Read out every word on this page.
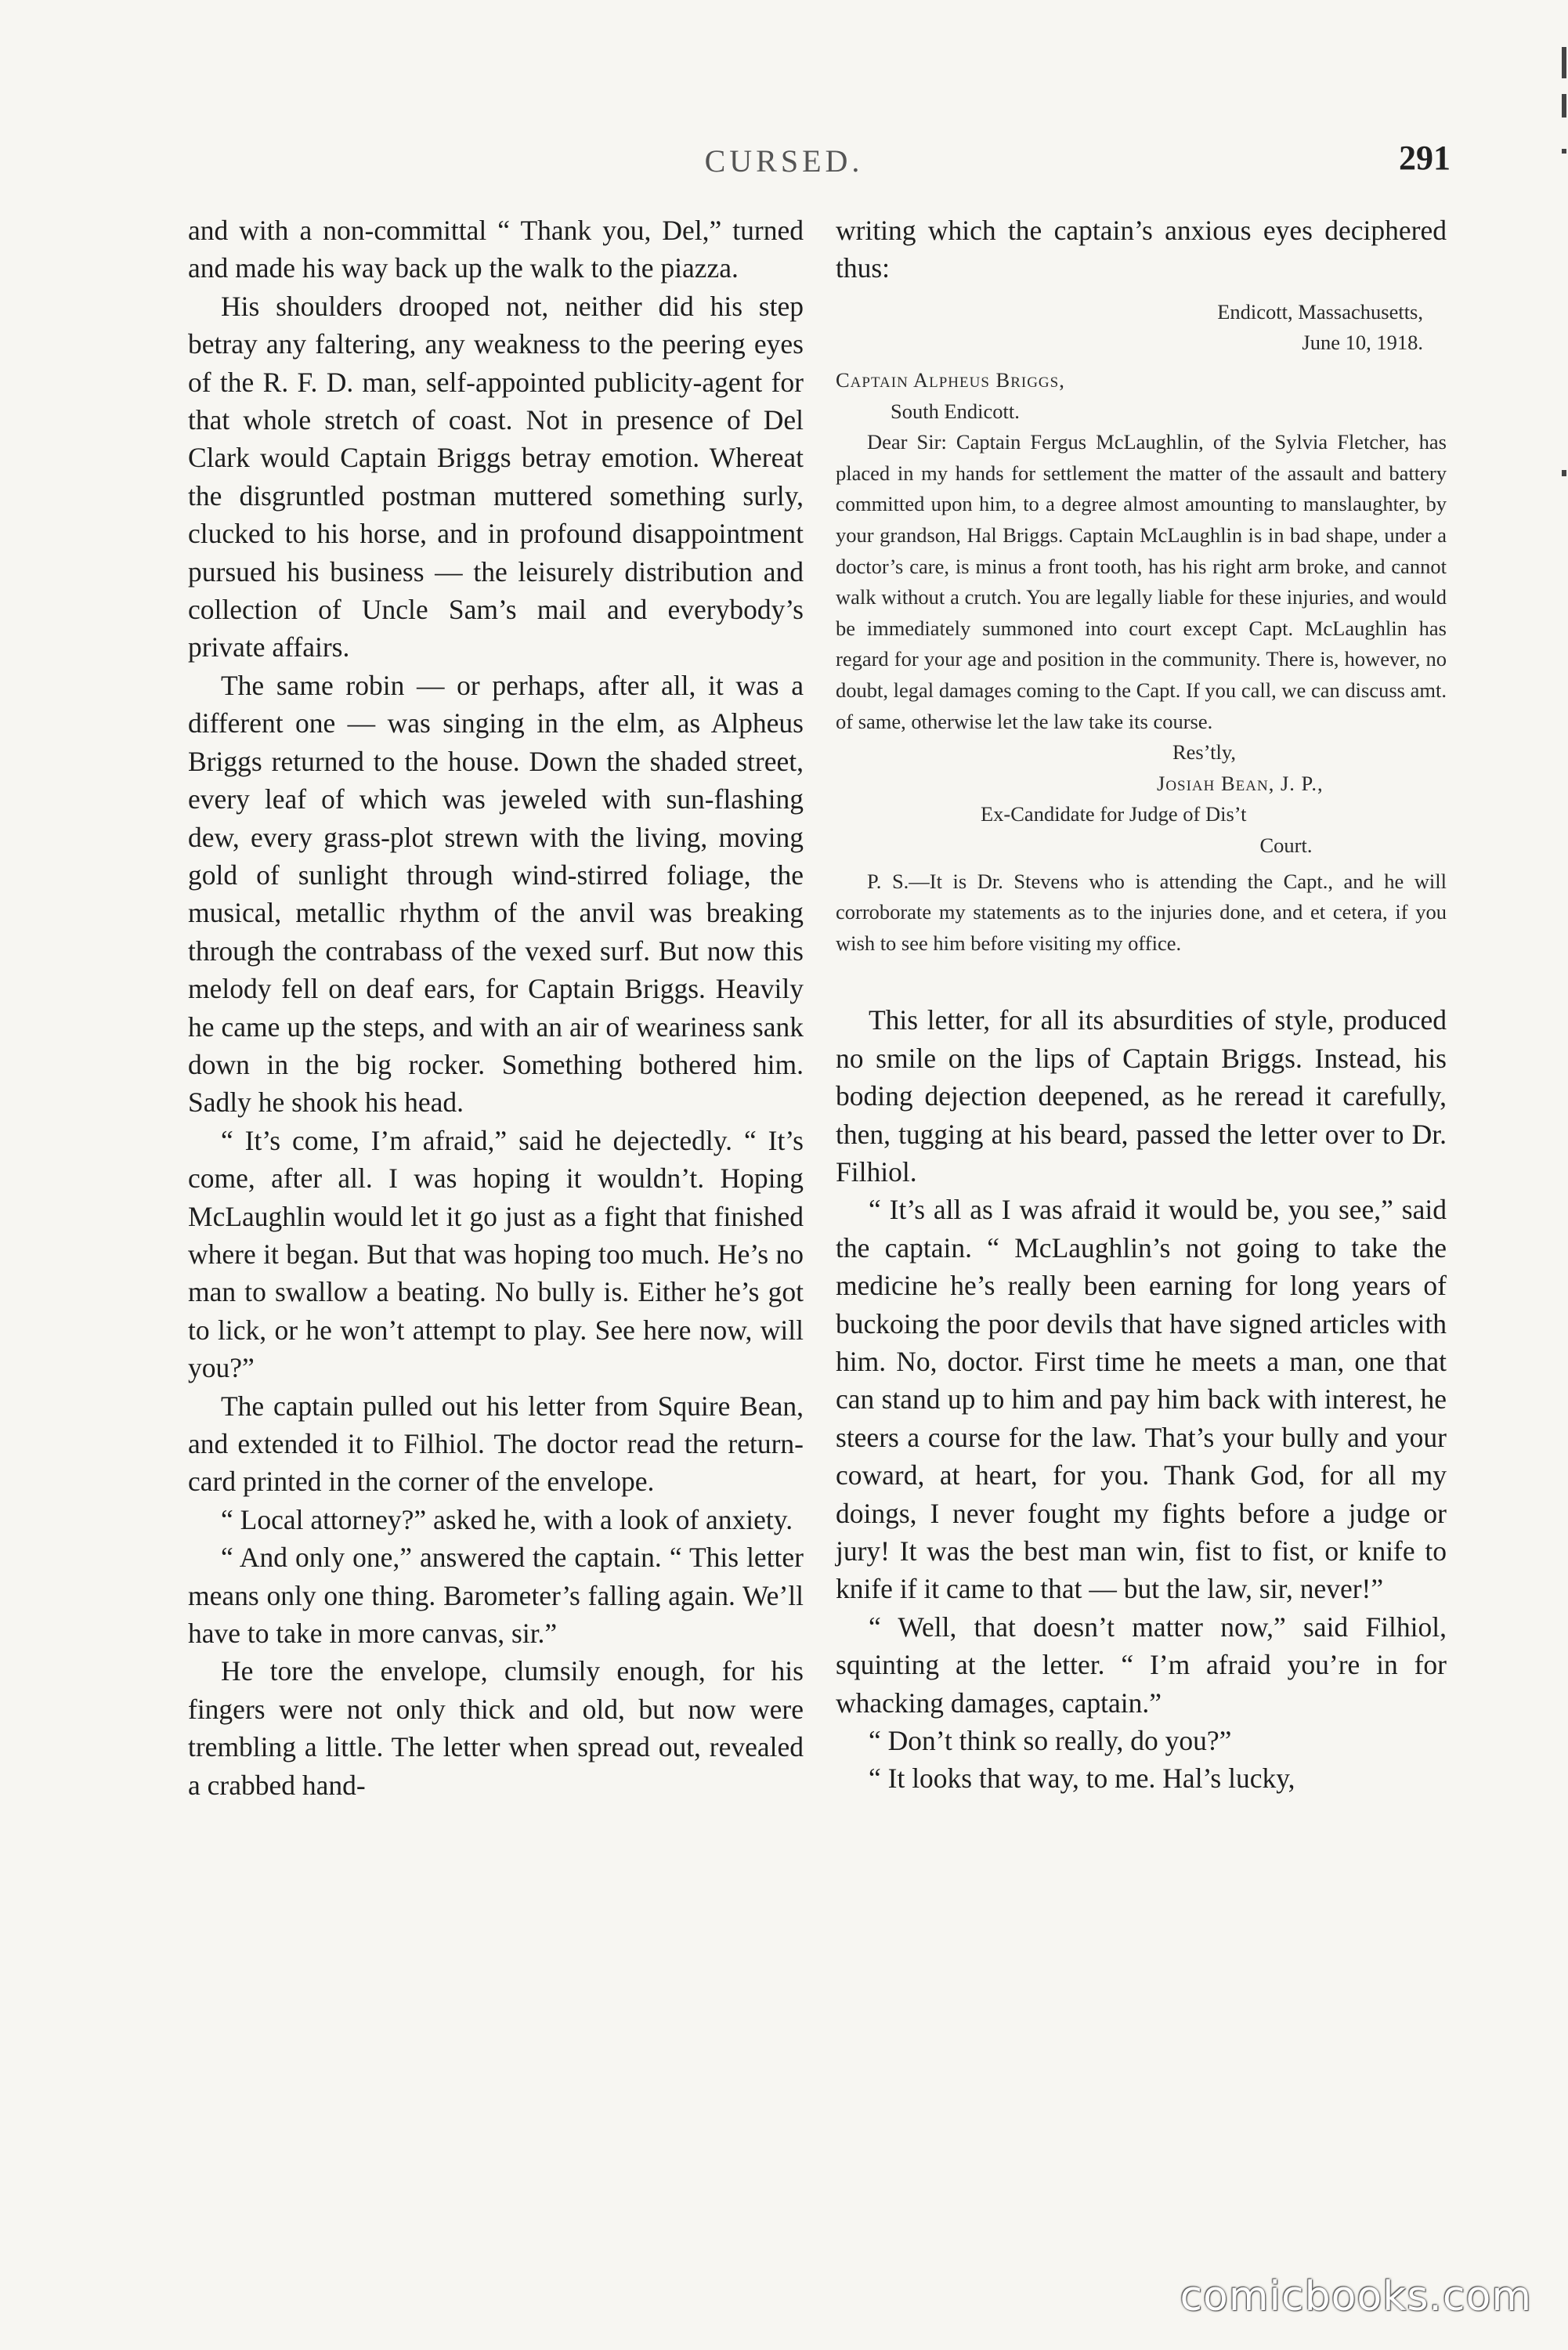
CURSED.	291

and with a non-committal “ Thank you, Del,” turned and made his way back up the walk to the piazza.

His shoulders drooped not, neither did his step betray any faltering, any weakness to the peering eyes of the R. F. D. man, self-appointed publicity-agent for that whole stretch of coast. Not in presence of Del Clark would Captain Briggs betray emotion. Whereat the disgruntled postman muttered something surly, clucked to his horse, and in profound disappointment pursued his business — the leisurely distribution and collection of Uncle Sam’s mail and everybody’s private affairs.

The same robin — or perhaps, after all, it was a different one — was singing in the elm, as Alpheus Briggs returned to the house. Down the shaded street, every leaf of which was jeweled with sun-flashing dew, every grass-plot strewn with the living, moving gold of sunlight through wind-stirred foliage, the musical, metallic rhythm of the anvil was breaking through the contrabass of the vexed surf. But now this melody fell on deaf ears, for Captain Briggs. Heavily he came up the steps, and with an air of weariness sank down in the big rocker. Something bothered him. Sadly he shook his head.

“ It’s come, I’m afraid,” said he dejectedly. “ It’s come, after all. I was hoping it wouldn’t. Hoping McLaughlin would let it go just as a fight that finished where it began. But that was hoping too much. He’s no man to swallow a beating. No bully is. Either he’s got to lick, or he won’t attempt to play. See here now, will you?”

The captain pulled out his letter from Squire Bean, and extended it to Filhiol. The doctor read the return-card printed in the corner of the envelope.

“ Local attorney?” asked he, with a look of anxiety.

“ And only one,” answered the captain. “ This letter means only one thing. Barometer’s falling again. We’ll have to take in more canvas, sir.”

He tore the envelope, clumsily enough, for his fingers were not only thick and old, but now were trembling a little. The letter when spread out, revealed a crabbed hand-

writing which the captain’s anxious eyes deciphered thus:

Endicott, Massachusetts,
June 10, 1918.
Captain Alpheus Briggs,
South Endicott.

Dear Sir: Captain Fergus McLaughlin, of the Sylvia Fletcher, has placed in my hands for settlement the matter of the assault and battery committed upon him, to a degree almost amounting to manslaughter, by your grandson, Hal Briggs. Captain McLaughlin is in bad shape, under a doctor’s care, is minus a front tooth, has his right arm broke, and cannot walk without a crutch. You are legally liable for these injuries, and would be immediately summoned into court except Capt. McLaughlin has regard for your age and position in the community. There is, however, no doubt, legal damages coming to the Capt. If you call, we can discuss amt. of same, otherwise let the law take its course.

Res’tly,
Josiah Bean, J. P.,
Ex-Candidate for Judge of Dis’t
Court.

P. S.—It is Dr. Stevens who is attending the Capt., and he will corroborate my statements as to the injuries done, and et cetera, if you wish to see him before visiting my office.

This letter, for all its absurdities of style, produced no smile on the lips of Captain Briggs. Instead, his boding dejection deepened, as he reread it carefully, then, tugging at his beard, passed the letter over to Dr. Filhiol.

“ It’s all as I was afraid it would be, you see,” said the captain. “ McLaughlin’s not going to take the medicine he’s really been earning for long years of buckoing the poor devils that have signed articles with him. No, doctor. First time he meets a man, one that can stand up to him and pay him back with interest, he steers a course for the law. That’s your bully and your coward, at heart, for you. Thank God, for all my doings, I never fought my fights before a judge or jury! It was the best man win, fist to fist, or knife to knife if it came to that — but the law, sir, never!”

“ Well, that doesn’t matter now,” said Filhiol, squinting at the letter. “ I’m afraid you’re in for whacking damages, captain.”

“ Don’t think so really, do you?”

“ It looks that way, to me. Hal’s lucky,

comicbooks.com
